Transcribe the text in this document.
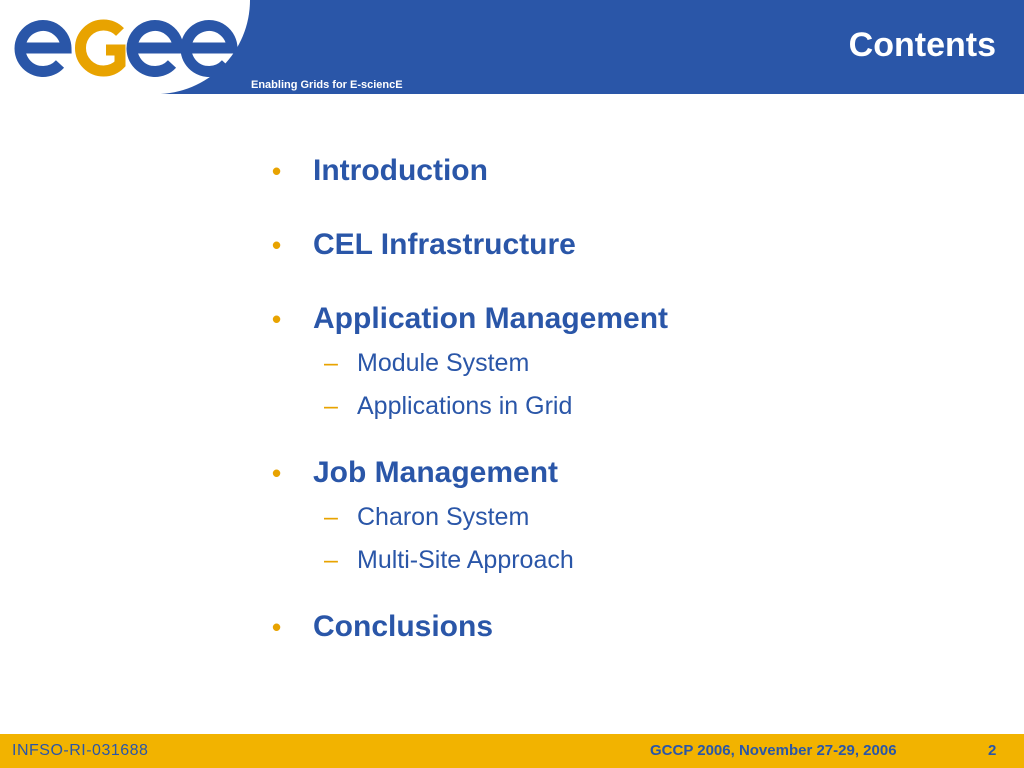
Contents
Enabling Grids for E-sciencE

• Introduction

• CEL Infrastructure

• Application Management

– Module System

– Applications in Grid

• Job Management

– Charon System

– Multi-Site Approach

• Conclusions

INFSO-RI-031688	GCCP 2006, November 27-29, 2006	2
